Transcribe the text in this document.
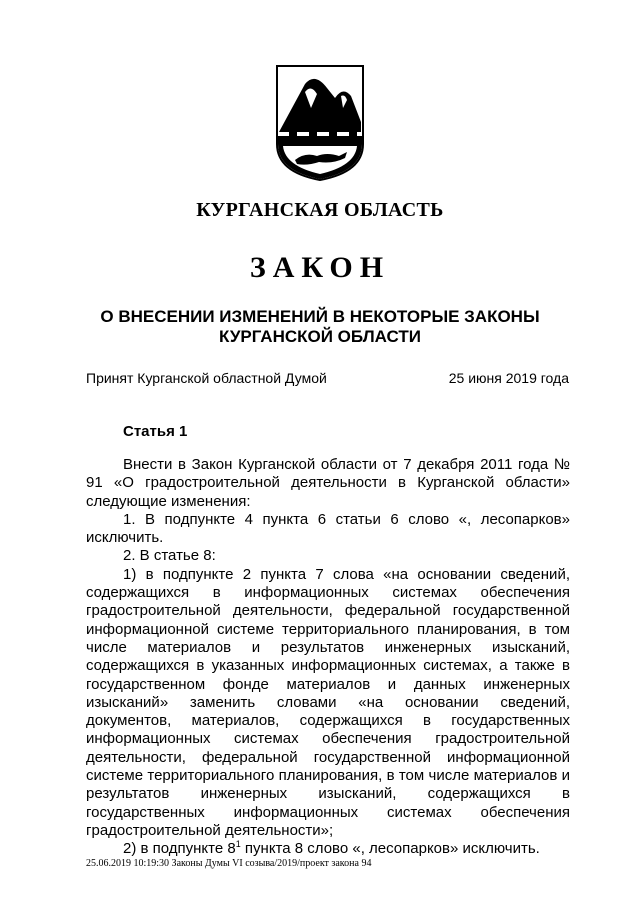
КУРГАНСКАЯ ОБЛАСТЬ
ЗАКОН
О ВНЕСЕНИИ ИЗМЕНЕНИЙ В НЕКОТОРЫЕ ЗАКОНЫ
КУРГАНСКОЙ ОБЛАСТИ
Принят Курганской областной Думой	25 июня 2019 года
Статья 1

Внести в Закон Курганской области от 7 декабря 2011 года № 91 «О градостроительной деятельности в Курганской области» следующие изменения:

1. В подпункте 4 пункта 6 статьи 6 слово «, лесопарков» исключить.

2. В статье 8:

1) в подпункте 2 пункта 7 слова «на основании сведений, содержащихся в информационных системах обеспечения градостроительной деятельности, федеральной государственной информационной системе территориального планирования, в том числе материалов и результатов инженерных изысканий, содержащихся в указанных информационных системах, а также в государственном фонде материалов и данных инженерных изысканий» заменить словами «на основании сведений, документов, материалов, содержащихся в государственных информационных системах обеспечения градостроительной деятельности, федеральной государственной информационной системе территориального планирования, в том числе материалов и результатов инженерных изысканий, содержащихся в государственных информационных системах обеспечения градостроительной деятельности»;

2) в подпункте $8^1$ пункта 8 слово «, лесопарков» исключить.

25.06.2019 10:19:30 Законы Думы VI созыва/2019/проект закона 94
